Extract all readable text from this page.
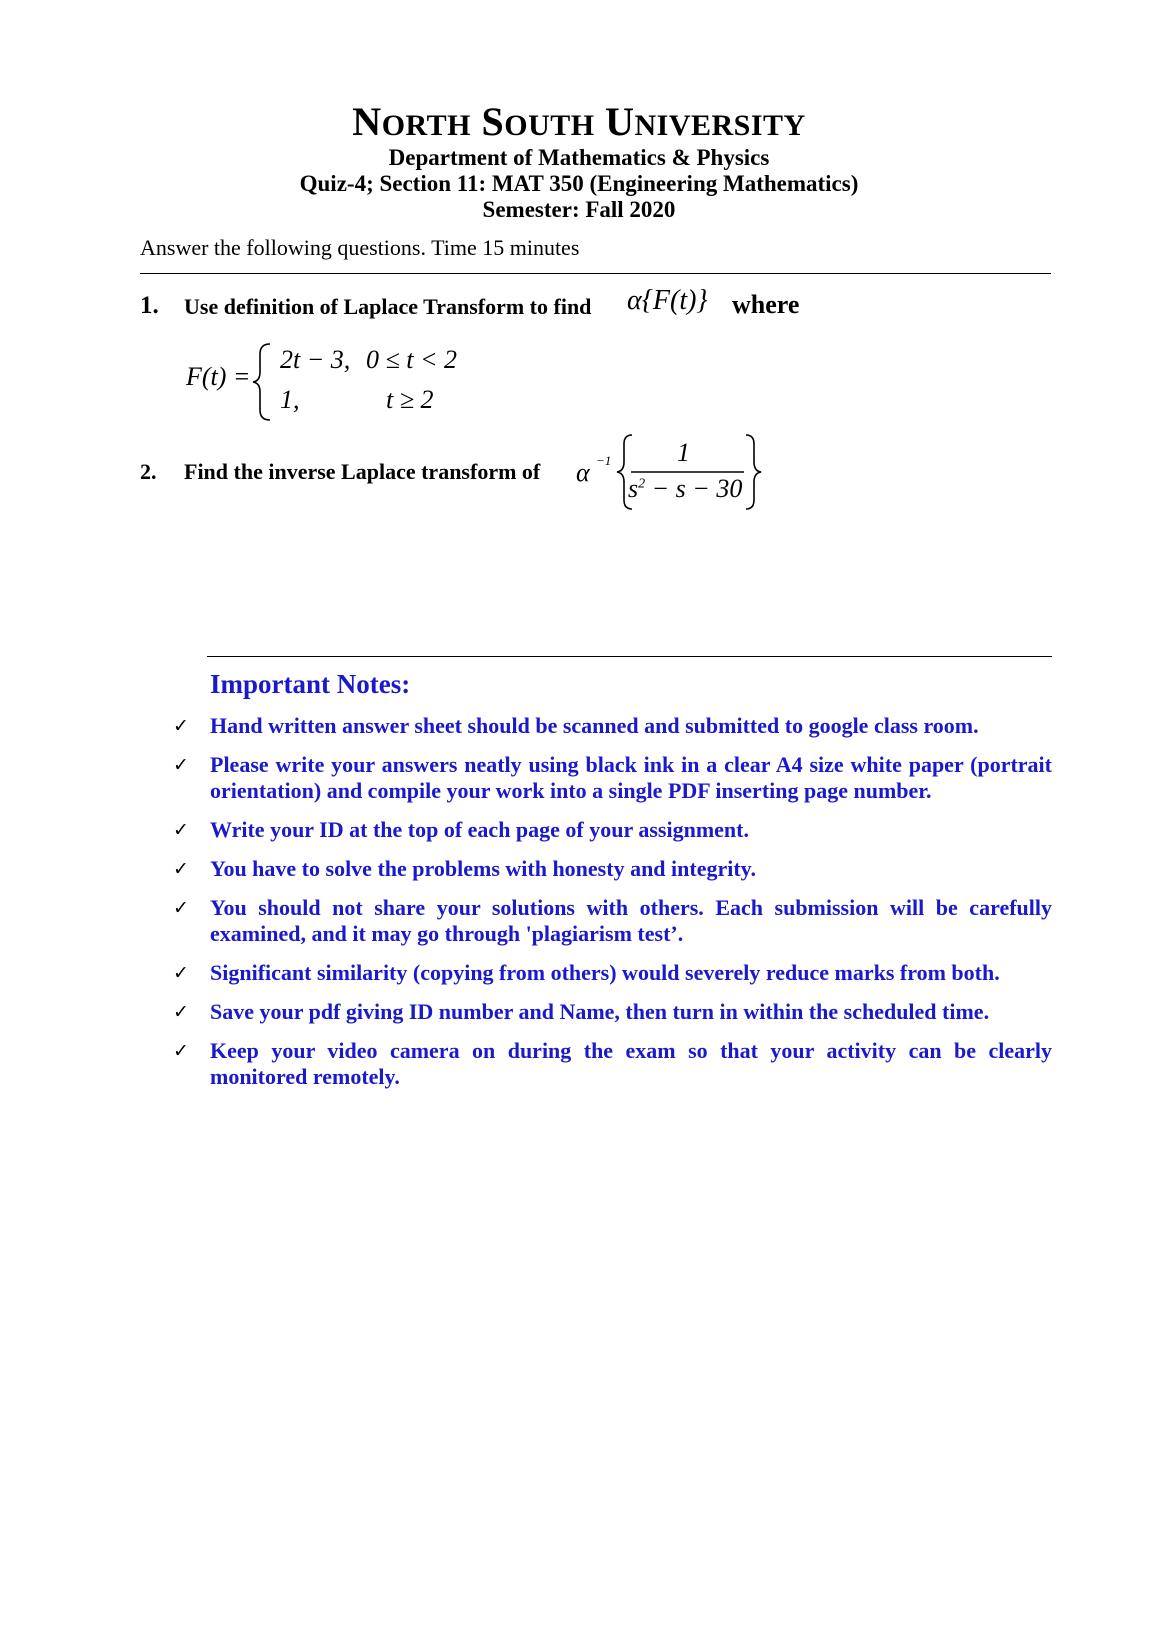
NORTH SOUTH UNIVERSITY
Department of Mathematics & Physics
Quiz-4; Section 11: MAT 350 (Engineering Mathematics)
Semester: Fall 2020
Answer the following questions. Time 15 minutes
1. Use definition of Laplace Transform to find α{F(t)} where
F(t) =
2t − 3, 0 ≤ t < 2
1,	t ≥ 2
2. Find the inverse Laplace transform of α −1	1
$s^2 - s - 30$
Important Notes:
✓ Hand written answer sheet should be scanned and submitted to google class room.
✓ Please write your answers neatly using black ink in a clear A4 size white paper (portrait orientation) and compile your work into a single PDF inserting page number.
✓ Write your ID at the top of each page of your assignment.
✓ You have to solve the problems with honesty and integrity.
✓ You should not share your solutions with others. Each submission will be carefully examined, and it may go through 'plagiarism test’.
✓ Significant similarity (copying from others) would severely reduce marks from both.
✓ Save your pdf giving ID number and Name, then turn in within the scheduled time.
✓ Keep your video camera on during the exam so that your activity can be clearly monitored remotely.
